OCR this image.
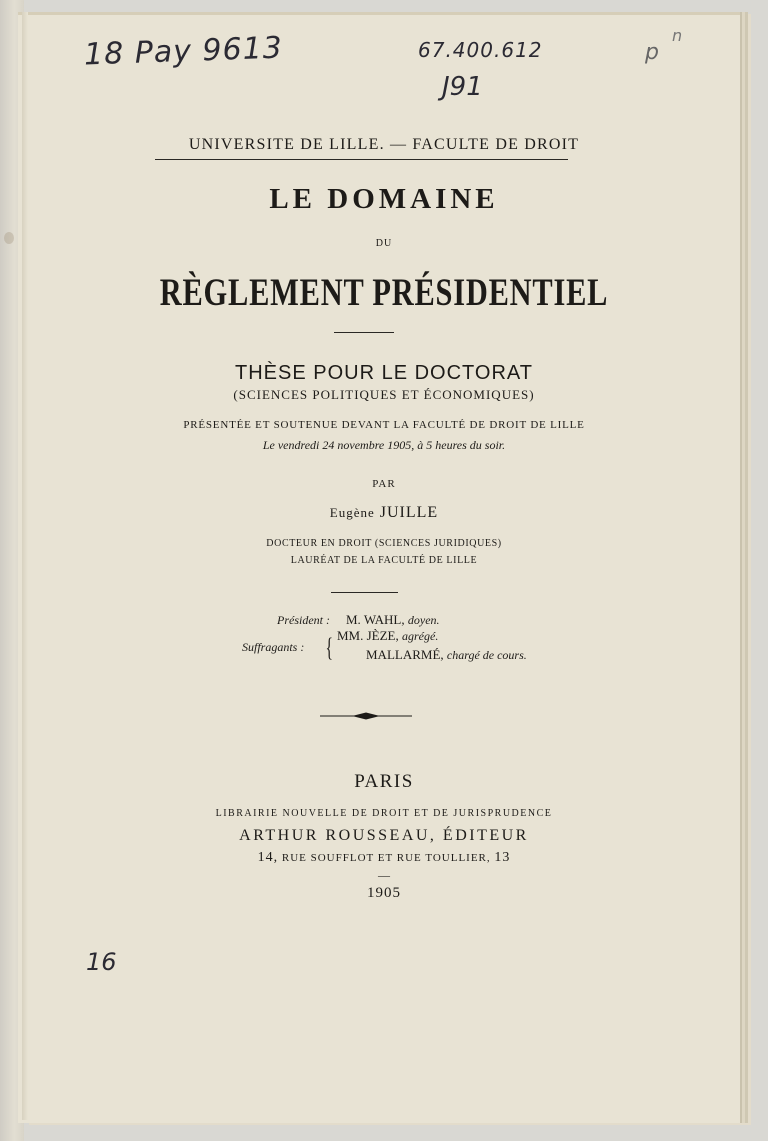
18 Pay 9613	67.400.612
J91
p
n
16
UNIVERSITE DE LILLE. — FACULTE DE DROIT
LE DOMAINE
DU
RÈGLEMENT PRÉSIDENTIEL
THÈSE POUR LE DOCTORAT
(SCIENCES POLITIQUES ET ÉCONOMIQUES)
PRÉSENTÉE ET SOUTENUE DEVANT LA FACULTÉ DE DROIT DE LILLE
Le vendredi 24 novembre 1905, à 5 heures du soir.
PAR
Eugène JUILLE
DOCTEUR EN DROIT (SCIENCES JURIDIQUES)
LAURÉAT DE LA FACULTÉ DE LILLE
Président : M. WAHL, doyen.
Suffragants : { MM. JÈZE, agrégé.
MALLARMÉ, chargé de cours.
PARIS
LIBRAIRIE NOUVELLE DE DROIT ET DE JURISPRUDENCE
ARTHUR ROUSSEAU, ÉDITEUR
14, RUE SOUFFLOT ET RUE TOULLIER, 13
—
1905
